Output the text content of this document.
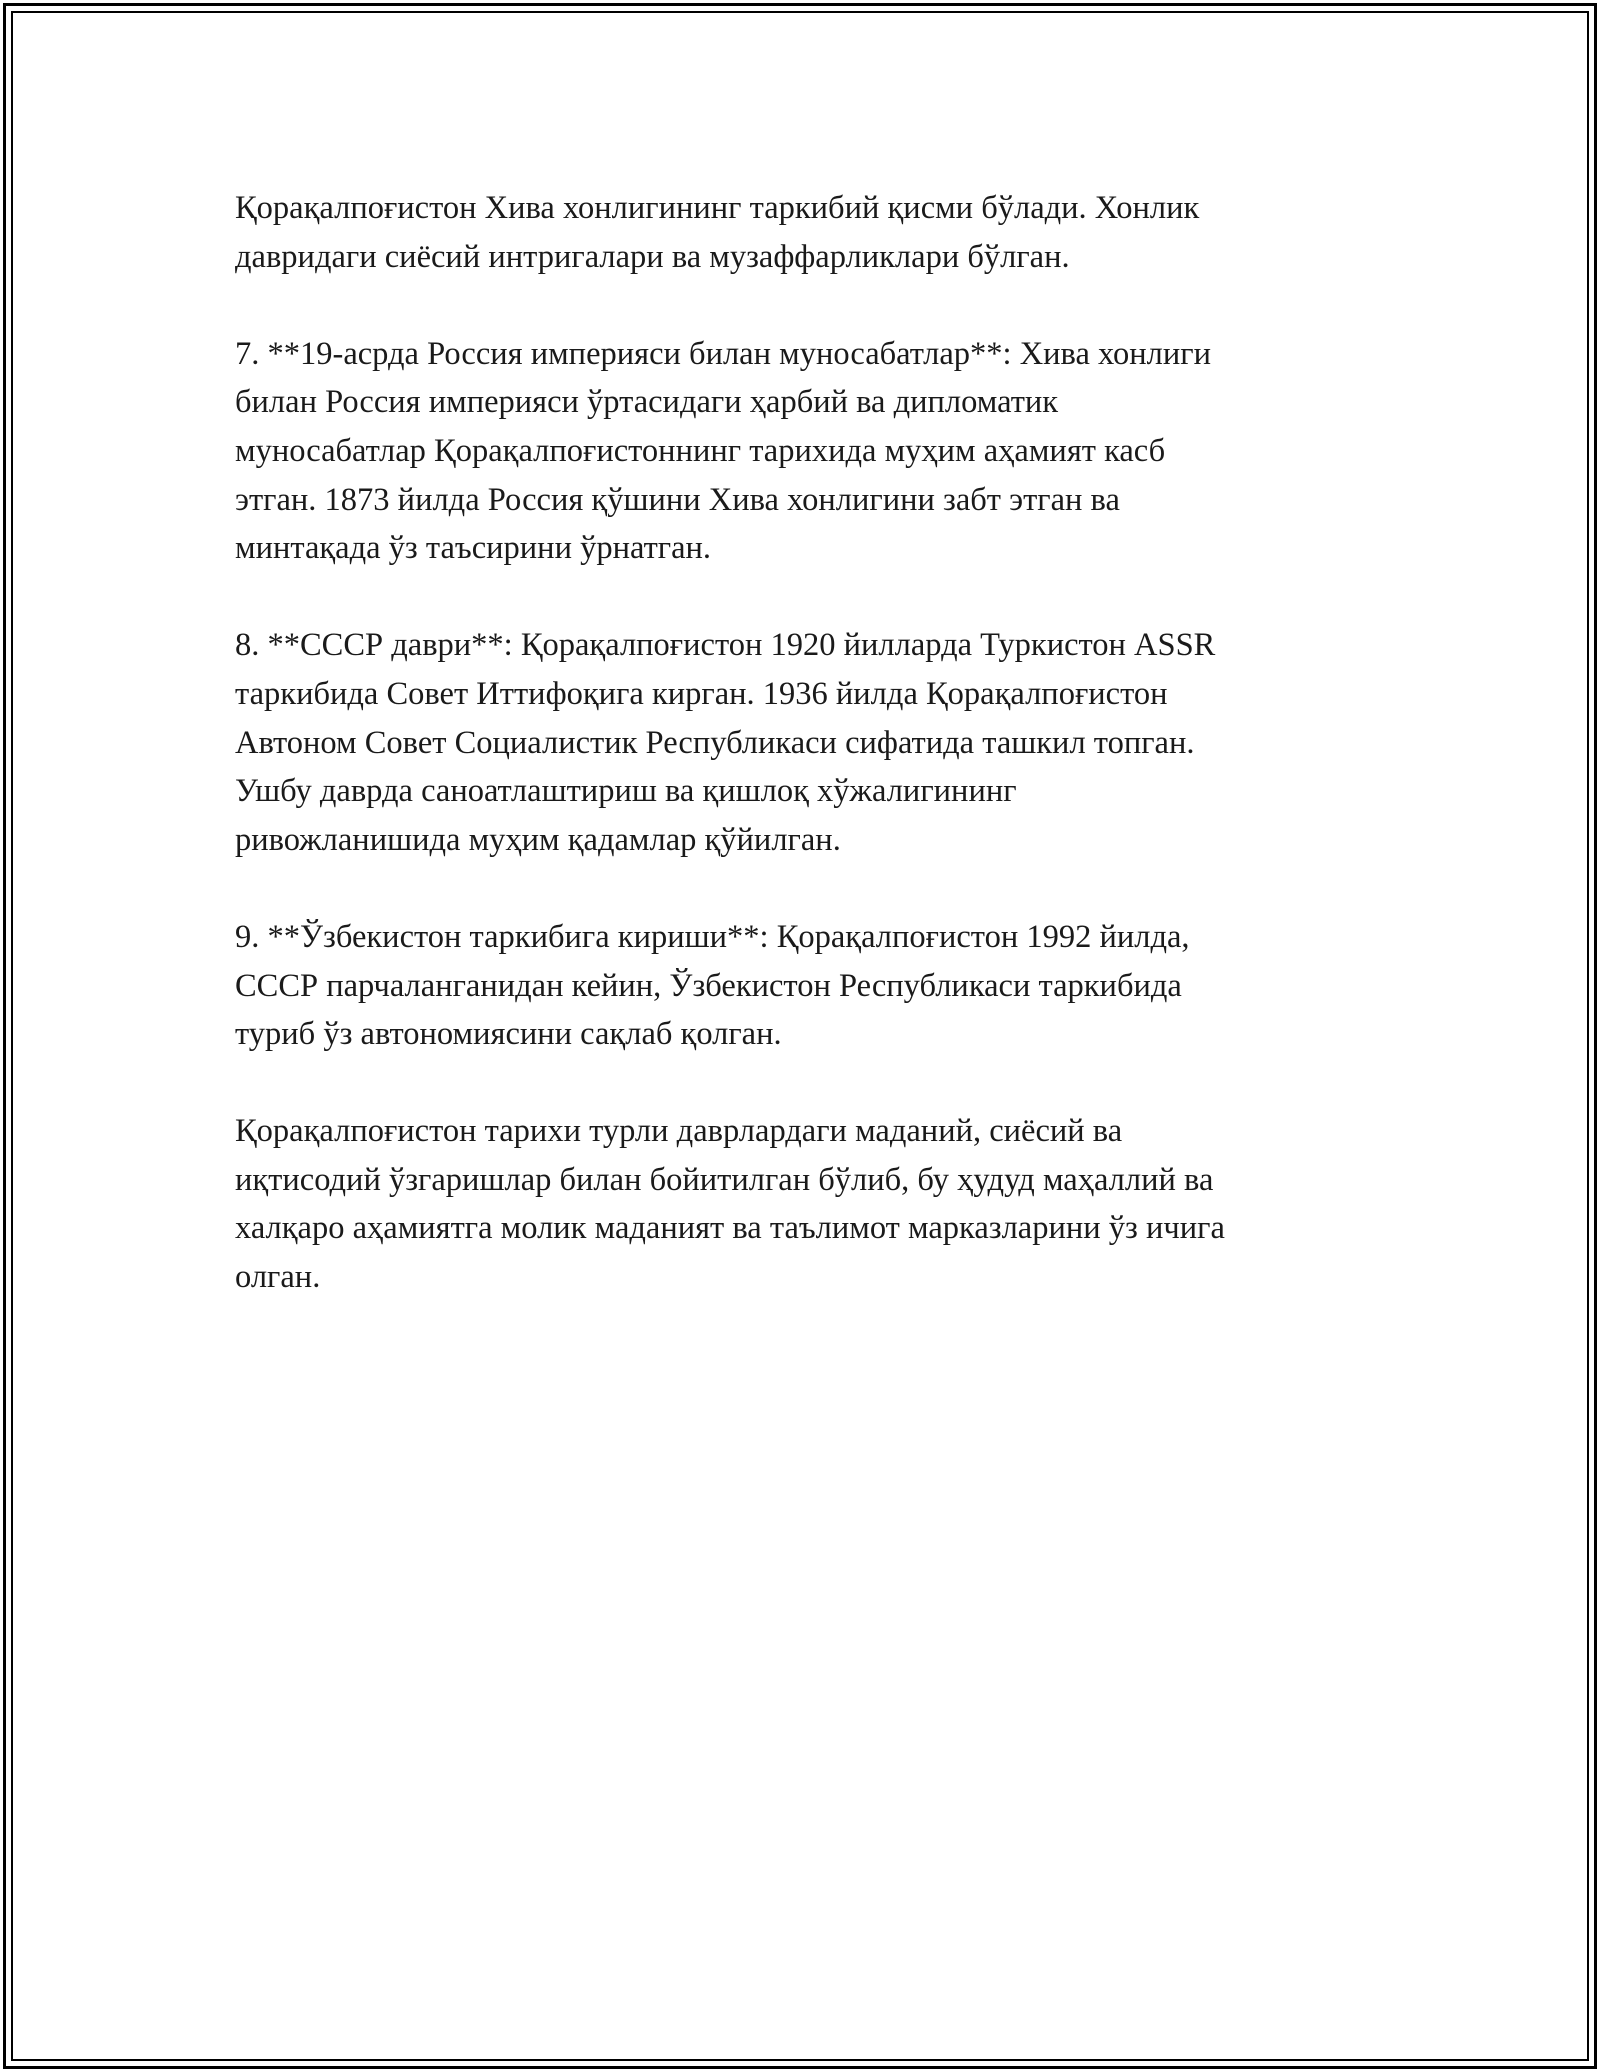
Қорақалпоғистон Хива хонлигининг таркибий қисми бўлади. Хонлик
давридаги сиёсий интригалари ва музаффарликлари бўлган.

7. **19-асрда Россия империяси билан муносабатлар**: Хива хонлиги
билан Россия империяси ўртасидаги ҳарбий ва дипломатик
муносабатлар Қорақалпоғистоннинг тарихида муҳим аҳамият касб
этган. 1873 йилда Россия қўшини Хива хонлигини забт этган ва
минтақада ўз таъсирини ўрнатган.

8. **СССР даври**: Қорақалпоғистон 1920 йилларда Туркистон ASSR
таркибида Совет Иттифоқига кирган. 1936 йилда Қорақалпоғистон
Автоном Совет Социалистик Республикаси сифатида ташкил топган.
Ушбу даврда саноатлаштириш ва қишлоқ хўжалигининг
ривожланишида муҳим қадамлар қўйилган.

9. **Ўзбекистон таркибига кириши**: Қорақалпоғистон 1992 йилда,
СССР парчаланганидан кейин, Ўзбекистон Республикаси таркибида
туриб ўз автономиясини сақлаб қолган.

Қорақалпоғистон тарихи турли даврлардаги маданий, сиёсий ва
иқтисодий ўзгаришлар билан бойитилган бўлиб, бу ҳудуд маҳаллий ва
халқаро аҳамиятга молик маданият ва таълимот марказларини ўз ичига
олган.
